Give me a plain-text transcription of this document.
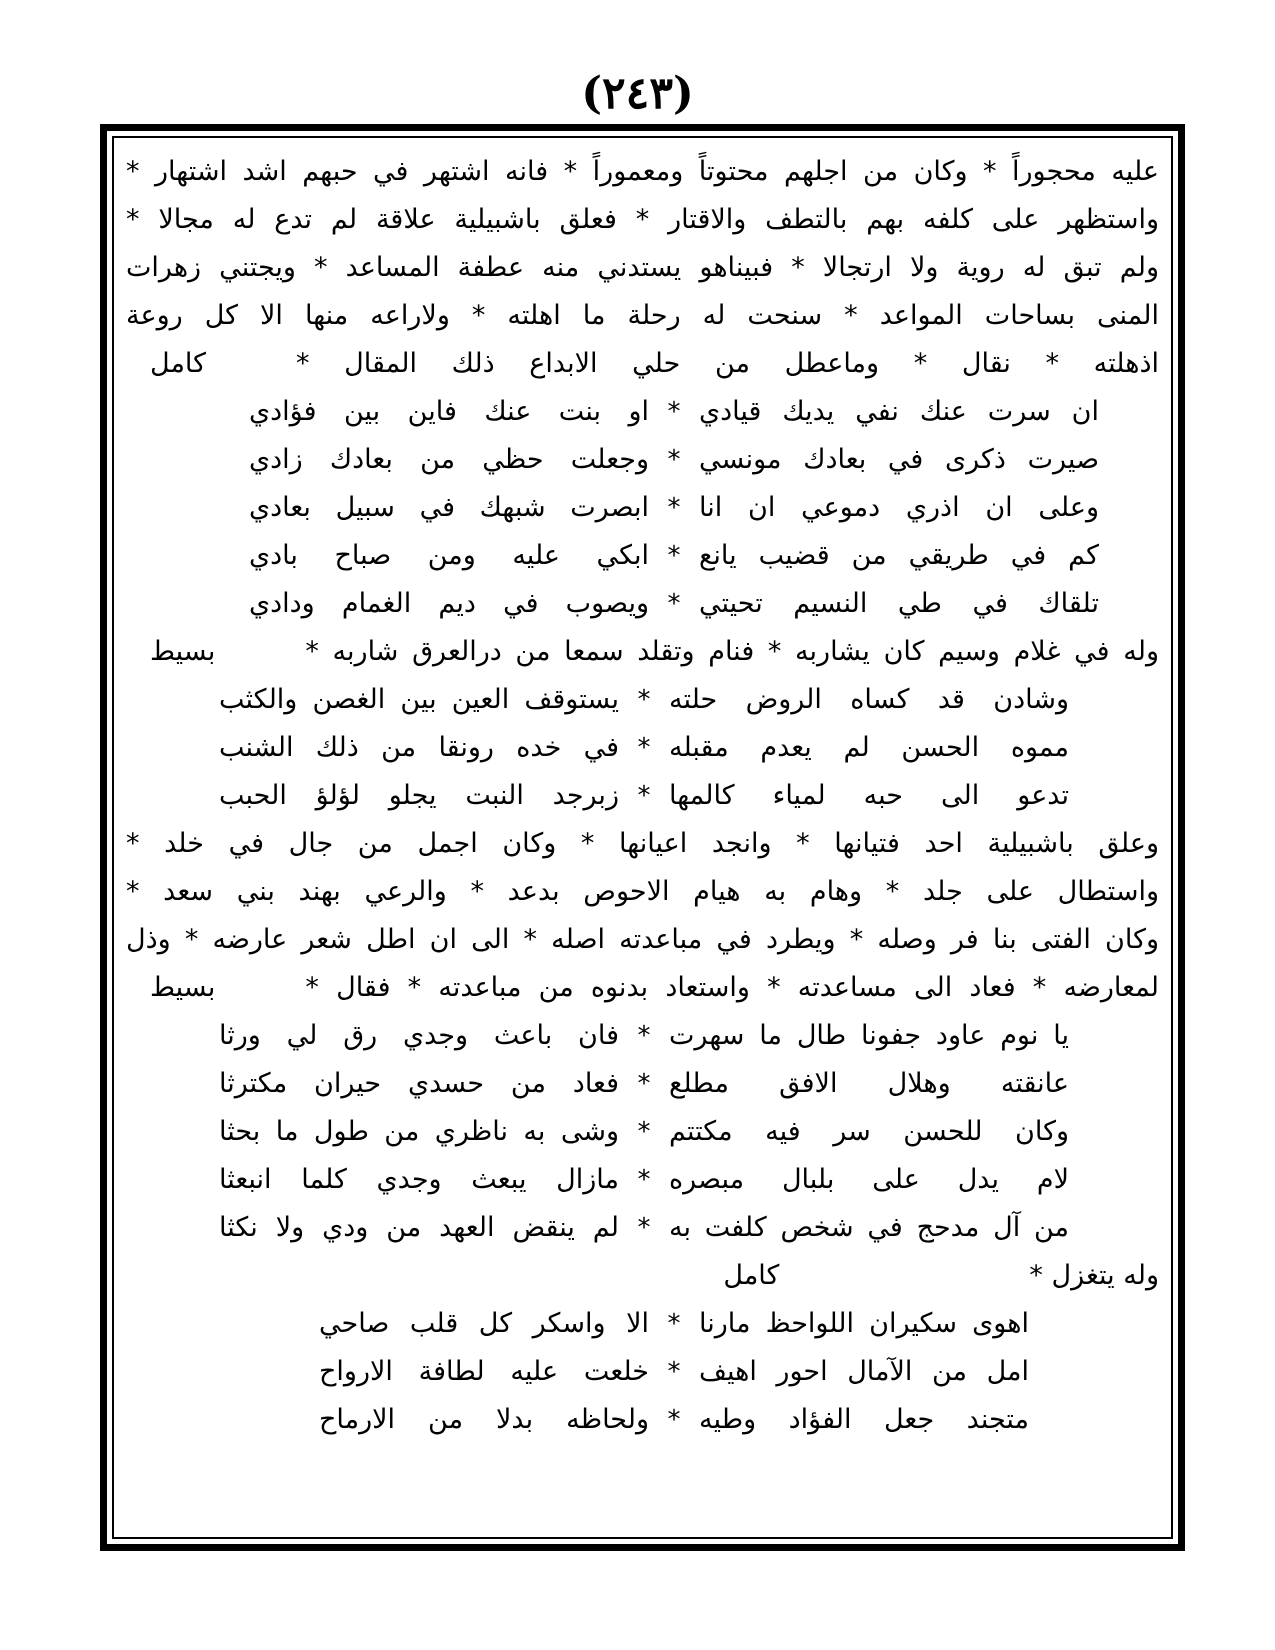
(٢٤٣)
عليه محجوراً * وكان من اجلهم محتوتاً ومعموراً * فانه اشتهر في حبهم اشد اشتهار *
واستظهر على كلفه بهم بالتطف والاقتار * فعلق باشبيلية علاقة لم تدع له مجالا *
ولم تبق له روية ولا ارتجالا * فبيناهو يستدني منه عطفة المساعد * ويجتني زهرات
المنى بساحات المواعد * سنحت له رحلة ما اهلته * ولاراعه منها الا كل روعة
اذهلته * نقال * وماعطل من حلي الابداع ذلك المقال *
كامل
ان سرت عنك نفي يديك قيادي
*
او بنت عنك فاين بين فؤادي
صيرت ذكرى في بعادك مونسي
*
وجعلت حظي من بعادك زادي
وعلى ان اذري دموعي ان انا
*
ابصرت شبهك في سبيل بعادي
كم في طريقي من قضيب يانع
*
ابكي عليه ومن صباح بادي
تلقاك في طي النسيم تحيتي
*
ويصوب في ديم الغمام ودادي
وله في غلام وسيم كان يشاربه * فنام وتقلد سمعا من درالعرق شاربه *
بسيط
وشادن قد كساه الروض حلته
*
يستوقف العين بين الغصن والكثب
مموه الحسن لم يعدم مقبله
*
في خده رونقا من ذلك الشنب
تدعو الى حبه لمياء كالمها
*
زبرجد النبت يجلو لؤلؤ الحبب
وعلق باشبيلية احد فتيانها * وانجد اعيانها * وكان اجمل من جال في خلد *
واستطال على جلد * وهام به هيام الاحوص بدعد * والرعي بهند بني سعد *
وكان الفتى بنا فر وصله * ويطرد في مباعدته اصله * الى ان اطل شعر عارضه * وذل
لمعارضه * فعاد الى مساعدته * واستعاد بدنوه من مباعدته * فقال *
بسيط
يا نوم عاود جفونا طال ما سهرت
*
فان باعث وجدي رق لي ورثا
عانقته وهلال الافق مطلع
*
فعاد من حسدي حيران مكترثا
وكان للحسن سر فيه مكتتم
*
وشى به ناظري من طول ما بحثا
لام يدل على بلبال مبصره
*
مازال يبعث وجدي كلما انبعثا
من آل مدحج في شخص كلفت به
*
لم ينقض العهد من ودي ولا نكثا
وله يتغزل *
كامل
اهوى سكيران اللواحظ مارنا
*
الا واسكر كل قلب صاحي
امل من الآمال احور اهيف
*
خلعت عليه لطافة الارواح
متجند جعل الفؤاد وطيه
*
ولحاظه بدلا من الارماح
